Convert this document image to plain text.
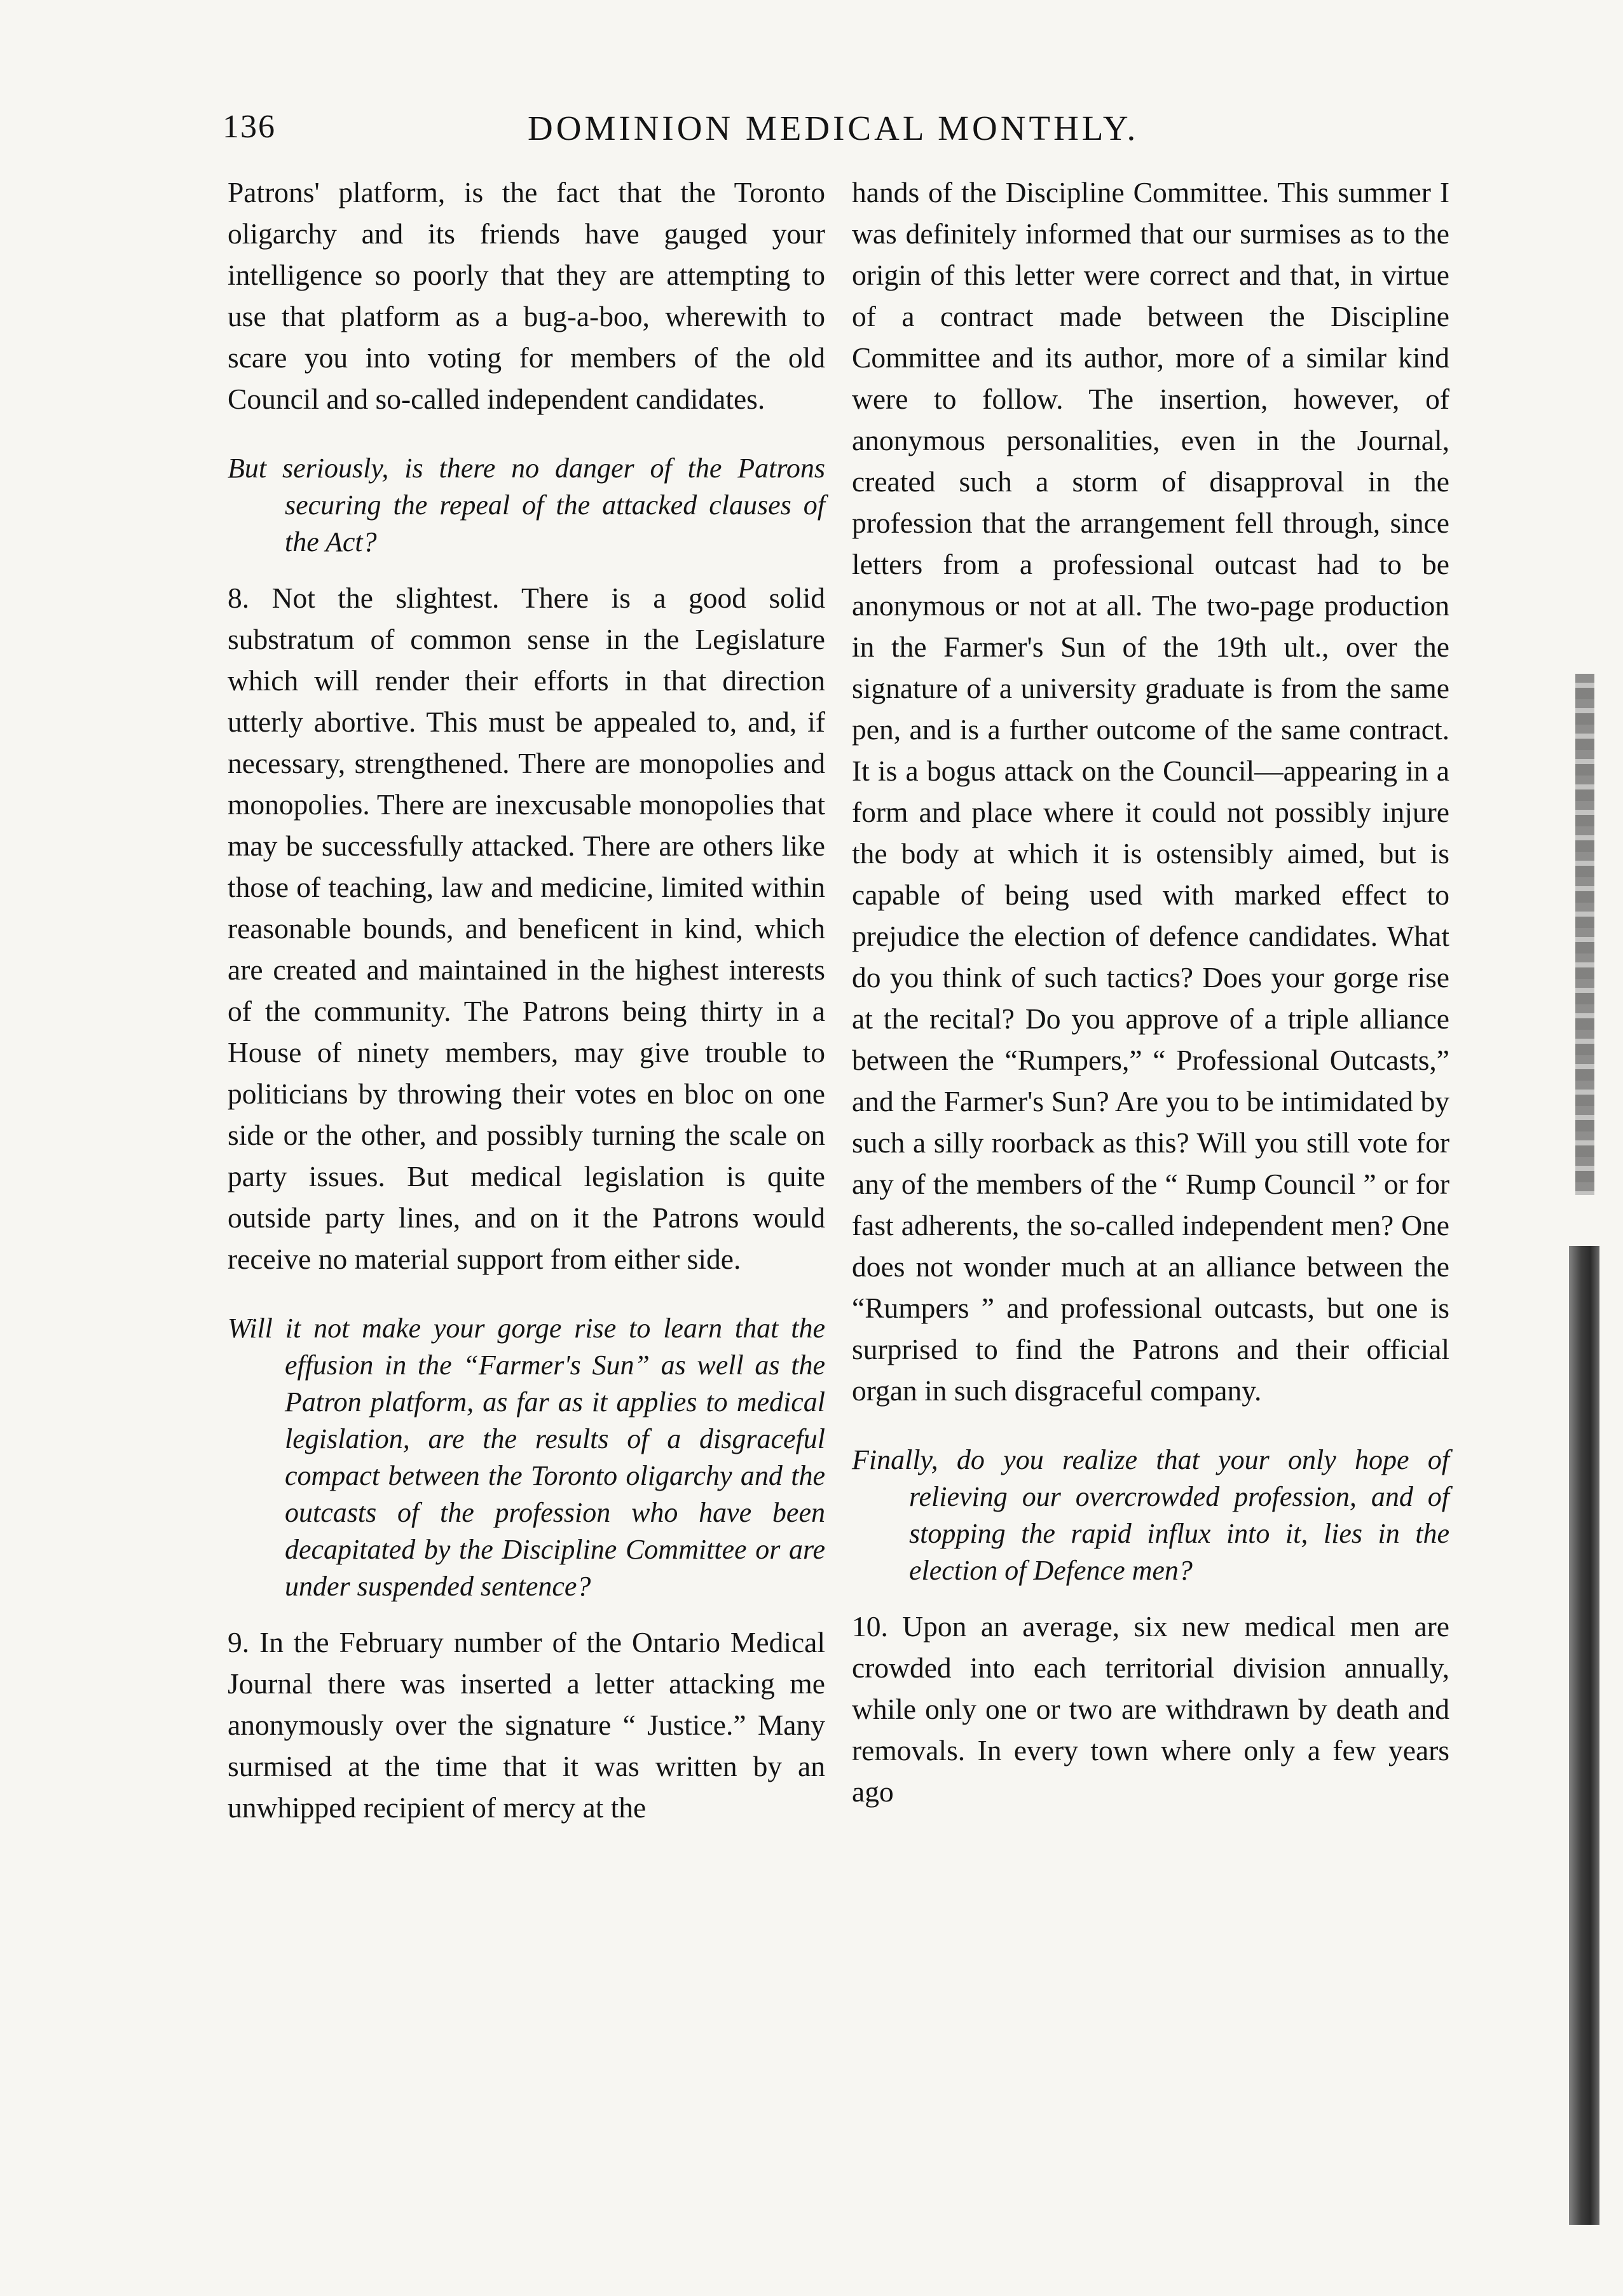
136	DOMINION MEDICAL MONTHLY.

Patrons' platform, is the fact that the Toronto oligarchy and its friends have gauged your intelligence so poorly that they are attempting to use that platform as a bug-a-boo, wherewith to scare you into voting for members of the old Council and so-called independent candidates.

But seriously, is there no danger of the Patrons securing the repeal of the attacked clauses of the Act?

8. Not the slightest. There is a good solid substratum of common sense in the Legislature which will render their efforts in that direction utterly abortive. This must be appealed to, and, if necessary, strengthened. There are monopolies and monopolies. There are inexcusable monopolies that may be successfully attacked. There are others like those of teaching, law and medicine, limited within reasonable bounds, and beneficent in kind, which are created and maintained in the highest interests of the community. The Patrons being thirty in a House of ninety members, may give trouble to politicians by throwing their votes en bloc on one side or the other, and possibly turning the scale on party issues. But medical legislation is quite outside party lines, and on it the Patrons would receive no material support from either side.

Will it not make your gorge rise to learn that the effusion in the “Farmer's Sun” as well as the Patron platform, as far as it applies to medical legislation, are the results of a disgraceful compact between the Toronto oligarchy and the outcasts of the profession who have been decapitated by the Discipline Committee or are under suspended sentence?

9. In the February number of the Ontario Medical Journal there was inserted a letter attacking me anonymously over the signature “ Justice.” Many surmised at the time that it was written by an unwhipped recipient of mercy at the

hands of the Discipline Committee. This summer I was definitely informed that our surmises as to the origin of this letter were correct and that, in virtue of a contract made between the Discipline Committee and its author, more of a similar kind were to follow. The insertion, however, of anonymous personalities, even in the Journal, created such a storm of disapproval in the profession that the arrangement fell through, since letters from a professional outcast had to be anonymous or not at all. The two-page production in the Farmer's Sun of the 19th ult., over the signature of a university graduate is from the same pen, and is a further outcome of the same contract. It is a bogus attack on the Council—appearing in a form and place where it could not possibly injure the body at which it is ostensibly aimed, but is capable of being used with marked effect to prejudice the election of defence candidates. What do you think of such tactics? Does your gorge rise at the recital? Do you approve of a triple alliance between the “Rumpers,” “ Professional Outcasts,” and the Farmer's Sun? Are you to be intimidated by such a silly roorback as this? Will you still vote for any of the members of the “ Rump Council ” or for fast adherents, the so-called independent men? One does not wonder much at an alliance between the “Rumpers ” and professional outcasts, but one is surprised to find the Patrons and their official organ in such disgraceful company.

Finally, do you realize that your only hope of relieving our overcrowded profession, and of stopping the rapid influx into it, lies in the election of Defence men?

10. Upon an average, six new medical men are crowded into each territorial division annually, while only one or two are withdrawn by death and removals. In every town where only a few years ago
